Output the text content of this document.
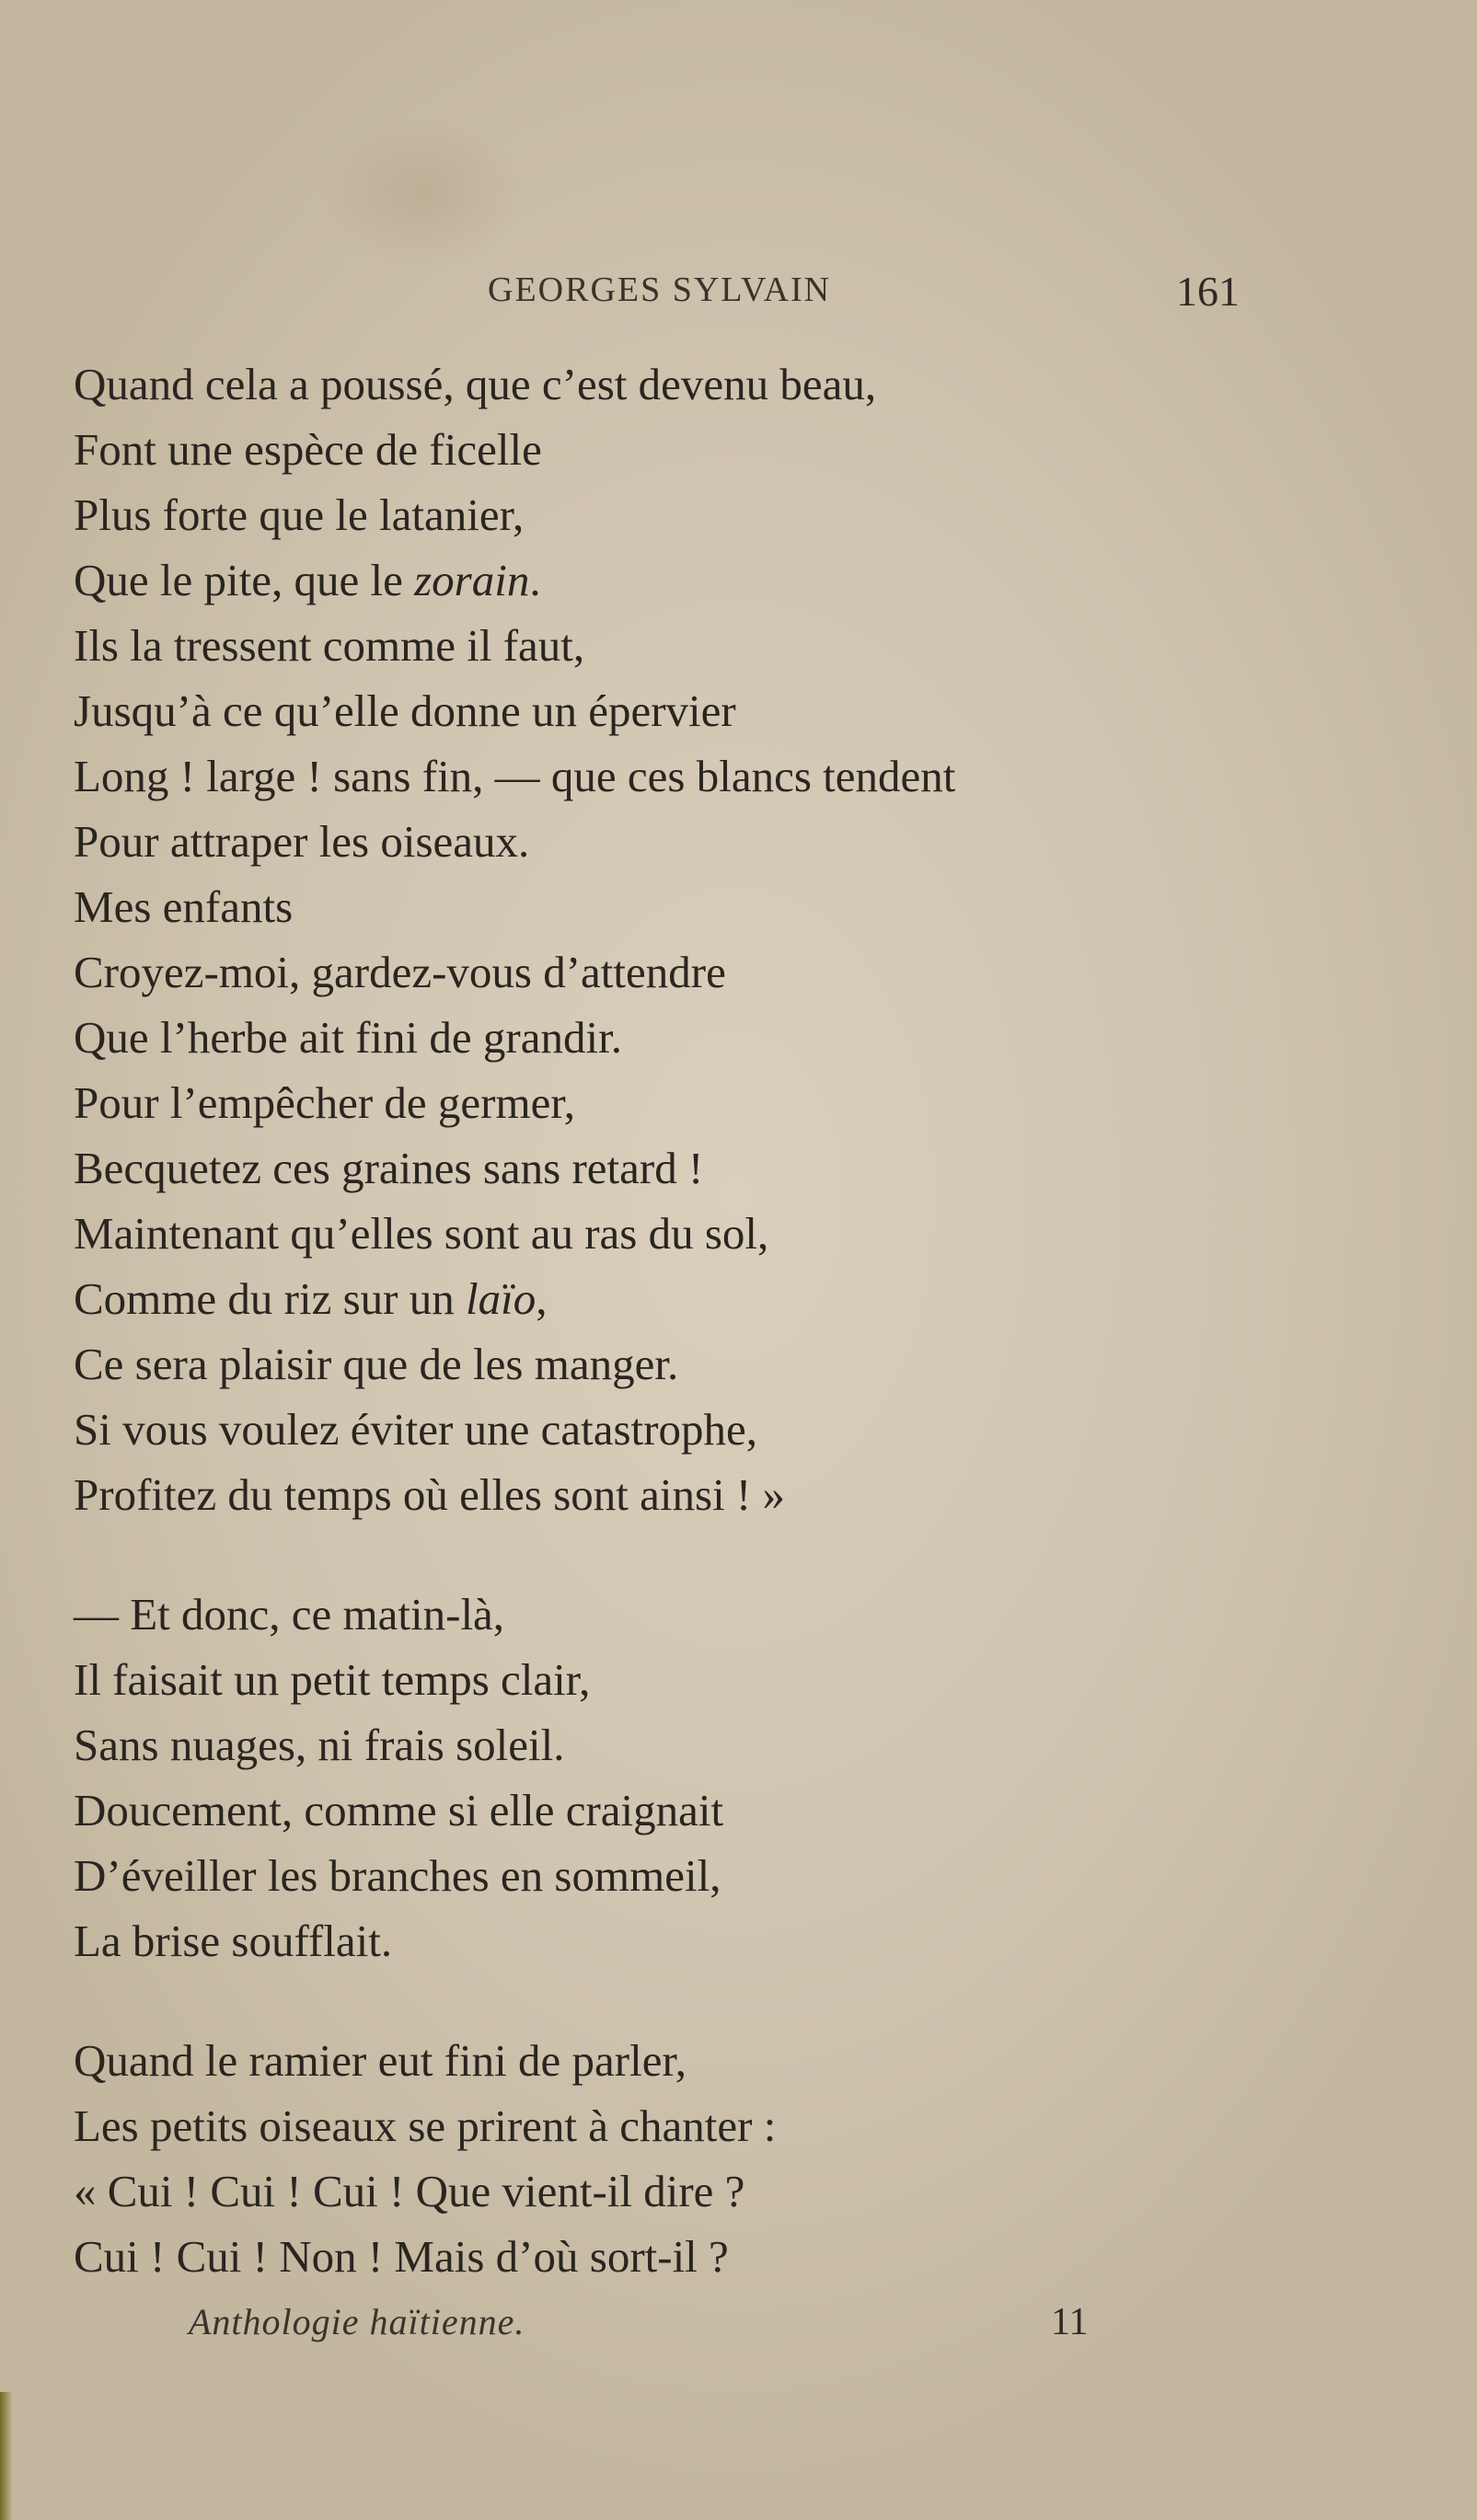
GEORGES SYLVAIN	161
Quand cela a poussé, que c’est devenu beau,
Font une espèce de ficelle
Plus forte que le latanier,
Que le pite, que le zorain.
Ils la tressent comme il faut,
Jusqu’à ce qu’elle donne un épervier
Long ! large ! sans fin, — que ces blancs tendent
Pour attraper les oiseaux.
Mes enfants
Croyez-moi, gardez-vous d’attendre
Que l’herbe ait fini de grandir.
Pour l’empêcher de germer,
Becquetez ces graines sans retard !
Maintenant qu’elles sont au ras du sol,
Comme du riz sur un laïo,
Ce sera plaisir que de les manger.
Si vous voulez éviter une catastrophe,
Profitez du temps où elles sont ainsi ! »
— Et donc, ce matin-là,
Il faisait un petit temps clair,
Sans nuages, ni frais soleil.
Doucement, comme si elle craignait
D’éveiller les branches en sommeil,
La brise soufflait.
Quand le ramier eut fini de parler,
Les petits oiseaux se prirent à chanter :
« Cui ! Cui ! Cui ! Que vient-il dire ?
Cui ! Cui ! Non ! Mais d’où sort-il ?
Anthologie haïtienne.	11
